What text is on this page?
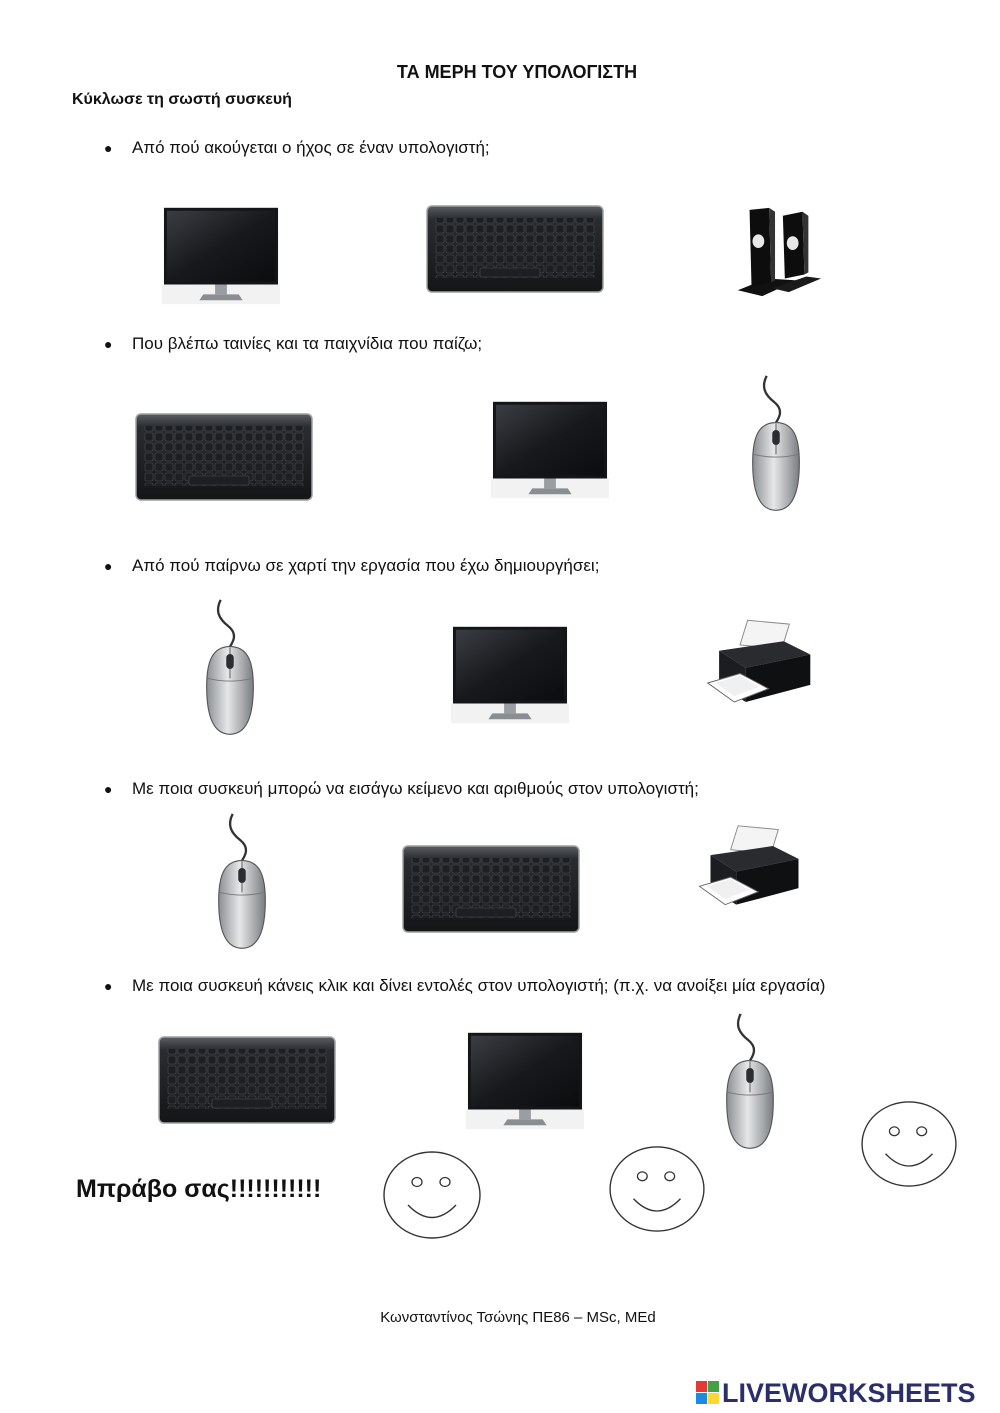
ΤΑ ΜΕΡΗ ΤΟΥ ΥΠΟΛΟΓΙΣΤΗ
Κύκλωσε τη σωστή συσκευή
● Από πού ακούγεται ο ήχος σε έναν υπολογιστή;
● Που βλέπω ταινίες και τα παιχνίδια που παίζω;
● Από πού παίρνω σε χαρτί την εργασία που έχω δημιουργήσει;
● Με ποια συσκευή μπορώ να εισάγω κείμενο και αριθμούς στον υπολογιστή;
● Με ποια συσκευή κάνεις κλικ και δίνει εντολές στον υπολογιστή; (π.χ. να ανοίξει μία εργασία)
Μπράβο σας!!!!!!!!!!!
Κωνσταντίνος Τσώνης ΠΕ86 – MSc, MEd
LIVEWORKSHEETS
